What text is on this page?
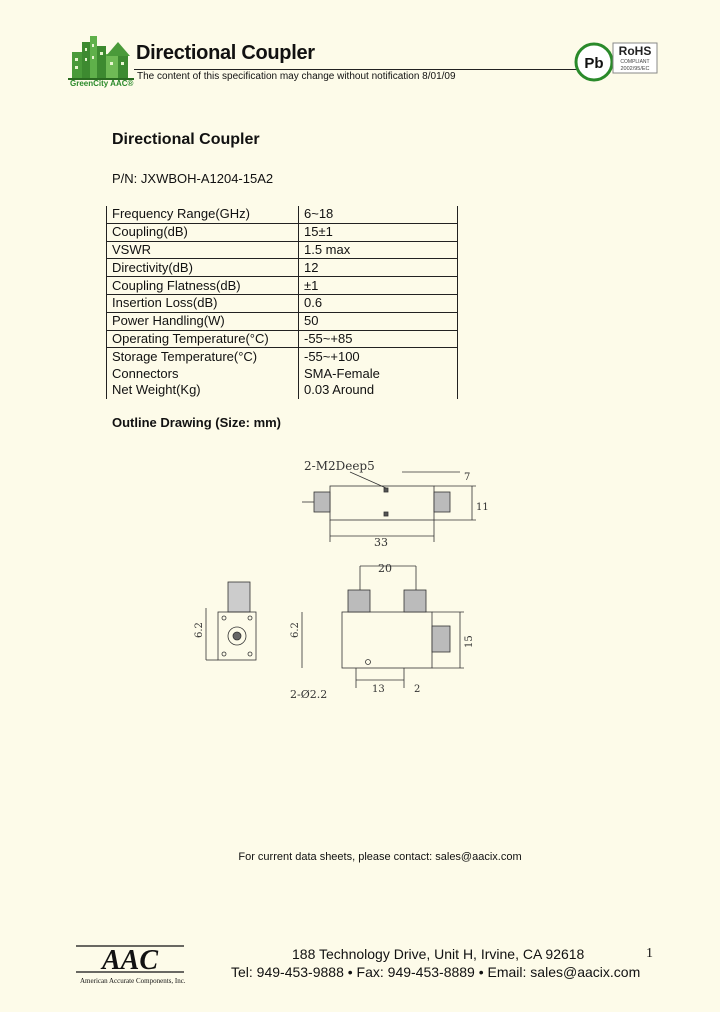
GreenCity AAC®
Directional Coupler
The content of this specification may change without notification 8/01/09
Pb
RoHS
COMPLIANT
2002/95/EC
Directional Coupler
P/N: JXWBOH-A1204-15A2
Frequency Range(GHz)	6~18
Coupling(dB)	15±1
VSWR	1.5 max
Directivity(dB)	12
Coupling Flatness(dB)	±1
Insertion Loss(dB)	0.6
Power Handling(W)	50
Operating Temperature(°C)	-55~+85
Storage Temperature(°C)	-55~+100
Connectors	SMA-Female
Net Weight(Kg)	0.03 Around
Outline Drawing (Size: mm)
2-M2Deep5
7
33
11
6.2
20
6.2
15
13
2-Ø2.2	2
For current data sheets, please contact: sales@aacix.com
AAC
American Accurate Components, Inc.
188 Technology Drive, Unit H, Irvine, CA 92618
Tel: 949-453-9888 • Fax: 949-453-8889 • Email: sales@aacix.com
1
